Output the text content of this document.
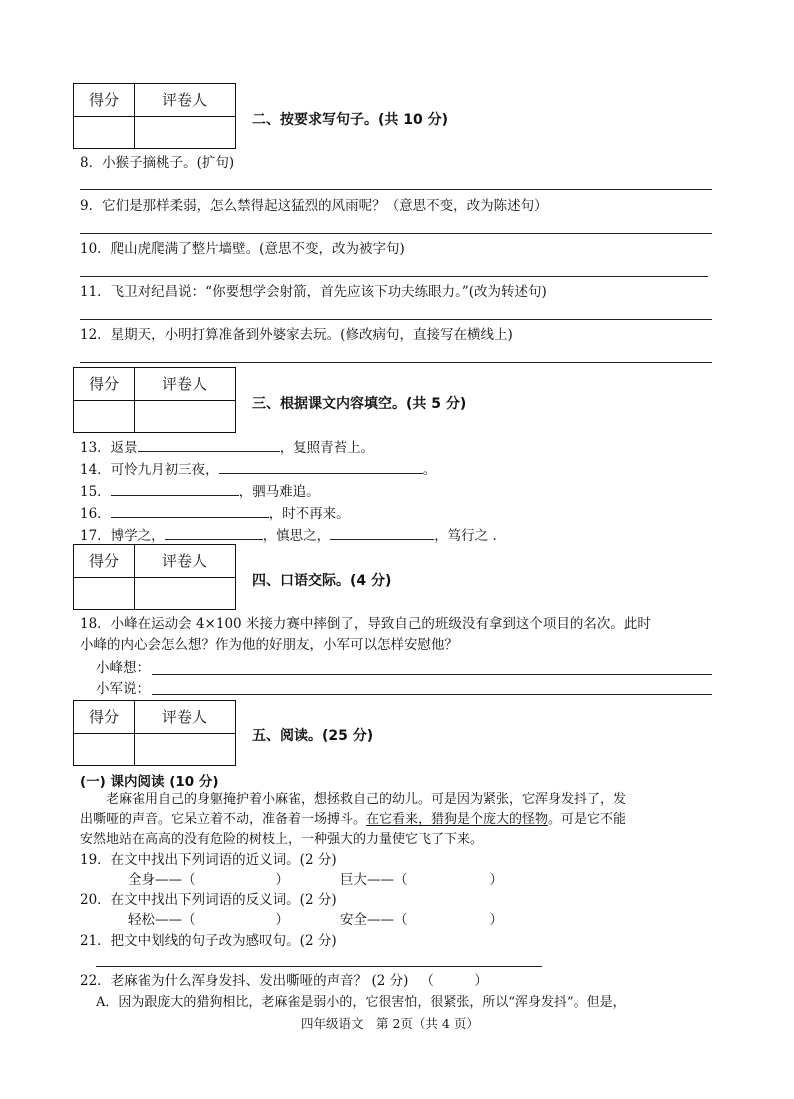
得分	评卷人
二、按要求写句子。(共 10 分)
8．小猴子摘桃子。(扩句)
9．它们是那样柔弱，怎么禁得起这猛烈的风雨呢？（意思不变，改为陈述句）
10．爬山虎爬满了整片墙壁。(意思不变，改为被字句)
11．飞卫对纪昌说：“你要想学会射箭，首先应该下功夫练眼力。”(改为转述句)
12．星期天，小明打算准备到外婆家去玩。(修改病句，直接写在横线上)
得分	评卷人
三、根据课文内容填空。(共 5 分)
13．返景	，复照青苔上。
14．可怜九月初三夜，	。
15．	，驷马难追。
16．	，时不再来。
17．博学之，	，慎思之，	，笃行之 ．
得分	评卷人
四、口语交际。(4 分)
18．小峰在运动会 4×100 米接力赛中摔倒了，导致自己的班级没有拿到这个项目的名次。此时
小峰的内心会怎么想？作为他的好朋友，小军可以怎样安慰他？
小峰想：
小军说：
得分	评卷人
五、阅读。(25 分)
(一) 课内阅读 (10 分)
老麻雀用自己的身躯掩护着小麻雀，想拯救自己的幼儿。可是因为紧张，它浑身发抖了，发
出嘶哑的声音。它呆立着不动，准备着一场搏斗。在它看来，猎狗是个庞大的怪物。可是它不能
安然地站在高高的没有危险的树枝上，一种强大的力量使它飞了下来。
19．在文中找出下列词语的近义词。(2 分)
全身——（	）	巨大——（	）
20．在文中找出下列词语的反义词。(2 分)
轻松——（	）	安全——（	）
21．把文中划线的句子改为感叹句。(2 分)
22．老麻雀为什么浑身发抖、发出嘶哑的声音？ (2 分) （　　　）
A．因为跟庞大的猎狗相比，老麻雀是弱小的，它很害怕，很紧张，所以“浑身发抖”。但是，
四年级语文　第 2页（共 4 页）
